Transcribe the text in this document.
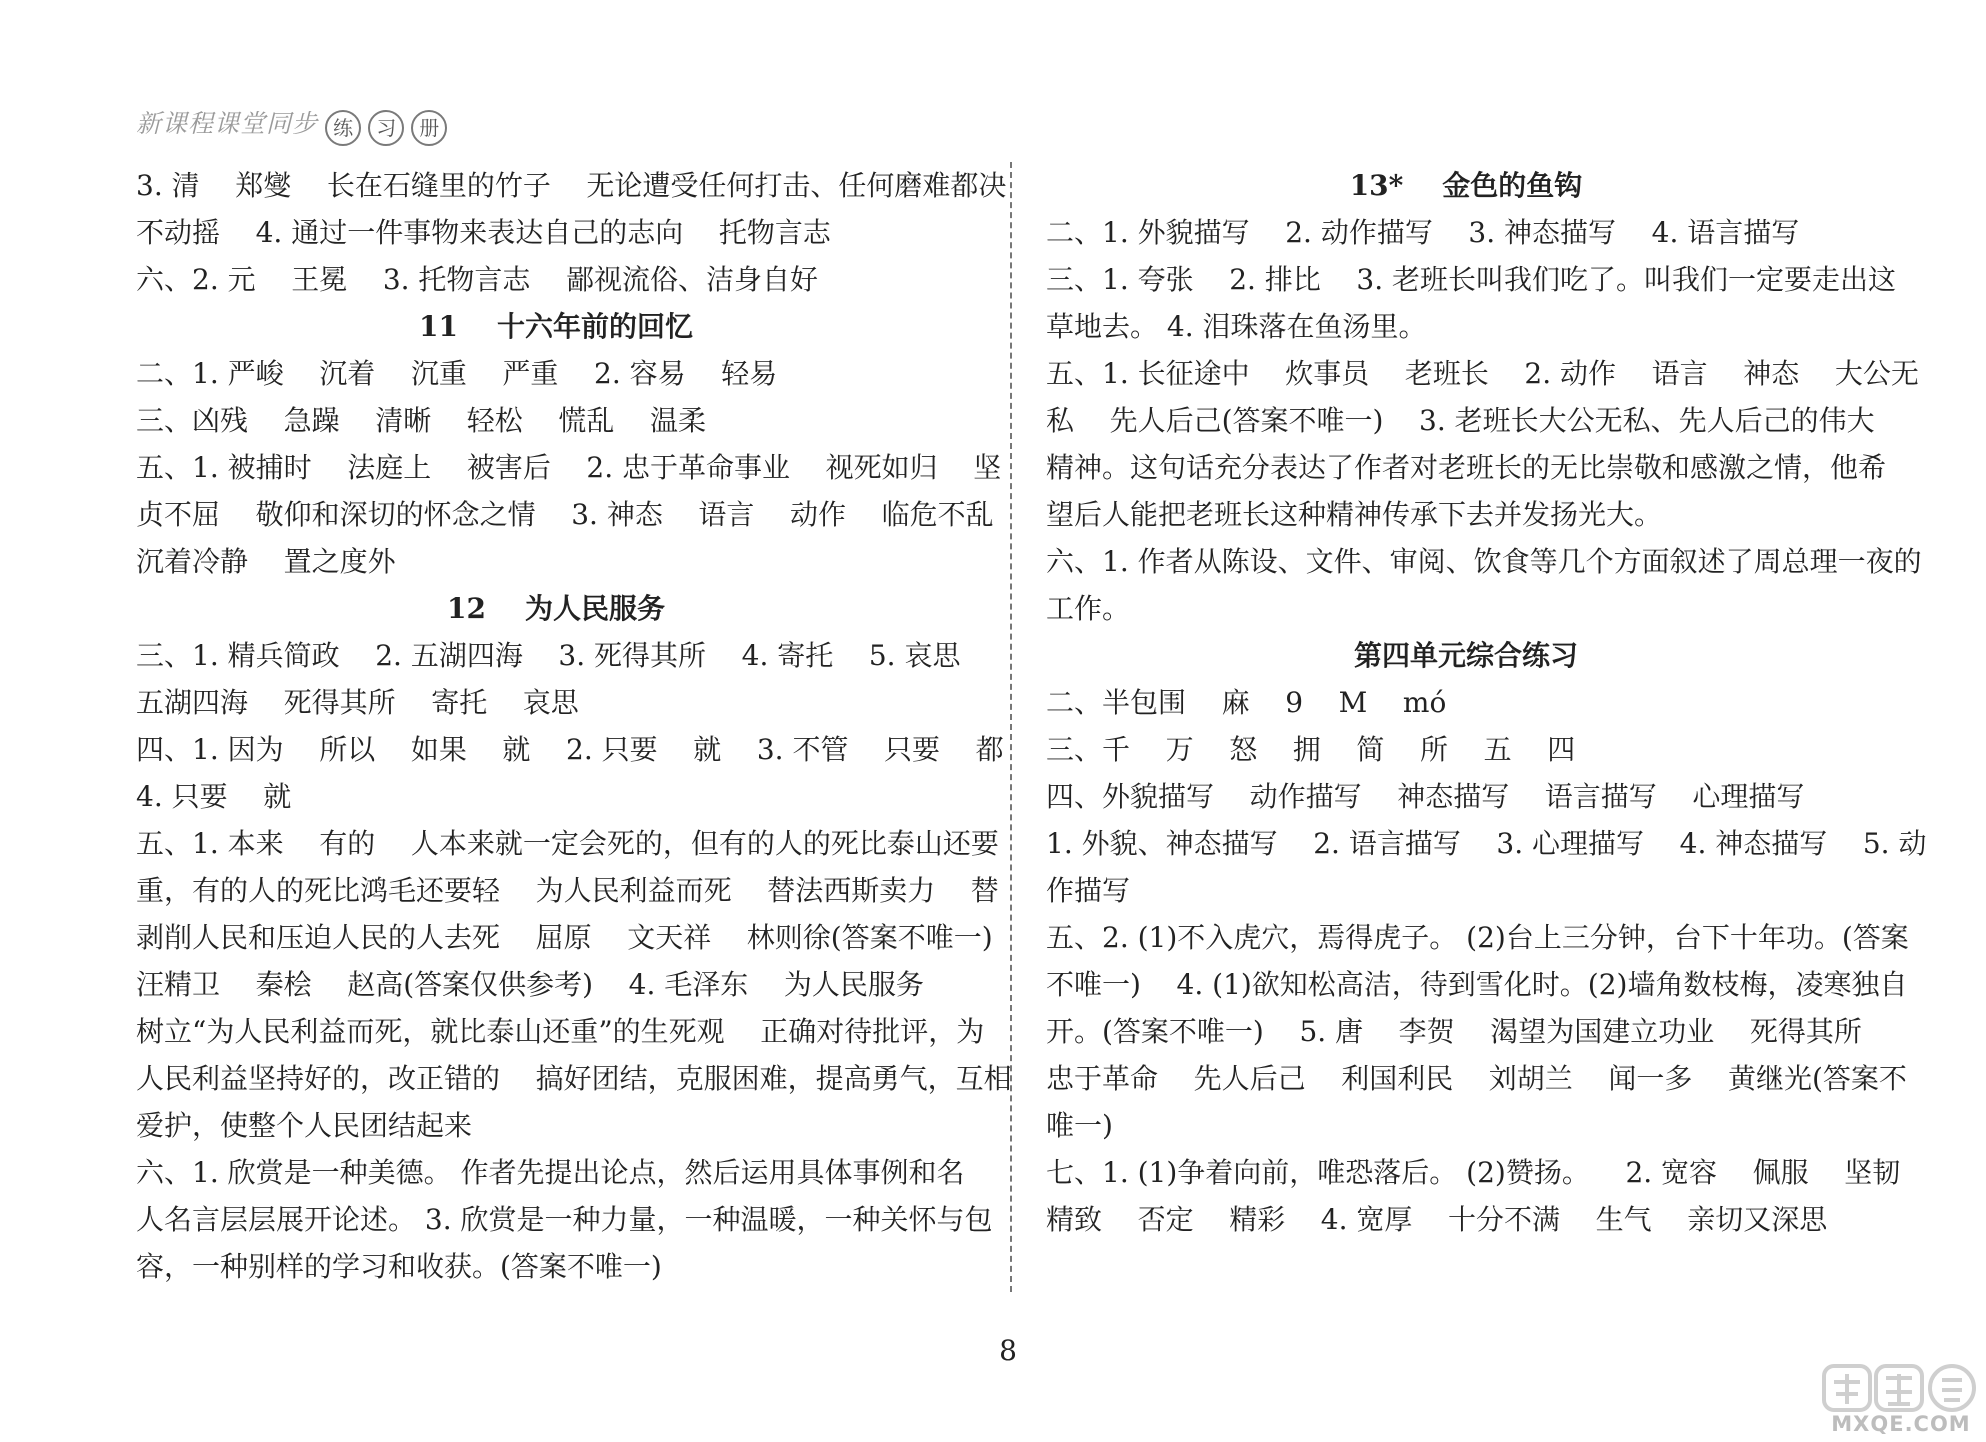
新课程课堂同步 练 习 册
3. 清    郑燮    长在石缝里的竹子    无论遭受任何打击、任何磨难都决
不动摇    4. 通过一件事物来表达自己的志向    托物言志
六、2. 元    王冕    3. 托物言志    鄙视流俗、洁身自好
11    十六年前的回忆
二、1. 严峻    沉着    沉重    严重    2. 容易    轻易
三、凶残    急躁    清晰    轻松    慌乱    温柔
五、1. 被捕时    法庭上    被害后    2. 忠于革命事业    视死如归    坚
贞不屈    敬仰和深切的怀念之情    3. 神态    语言    动作    临危不乱
沉着冷静    置之度外
12    为人民服务
三、1. 精兵简政    2. 五湖四海    3. 死得其所    4. 寄托    5. 哀思
五湖四海    死得其所    寄托    哀思
四、1. 因为    所以    如果    就    2. 只要    就    3. 不管    只要    都
4. 只要    就
五、1. 本来    有的    人本来就一定会死的，但有的人的死比泰山还要
重，有的人的死比鸿毛还要轻    为人民利益而死    替法西斯卖力    替
剥削人民和压迫人民的人去死    屈原    文天祥    林则徐(答案不唯一)
汪精卫    秦桧    赵高(答案仅供参考)    4. 毛泽东    为人民服务
树立“为人民利益而死，就比泰山还重”的生死观    正确对待批评，为
人民利益坚持好的，改正错的    搞好团结，克服困难，提高勇气，互相
爱护，使整个人民团结起来
六、1. 欣赏是一种美德。 作者先提出论点，然后运用具体事例和名
人名言层层展开论述。 3. 欣赏是一种力量，一种温暖，一种关怀与包
容，一种别样的学习和收获。(答案不唯一)
13*    金色的鱼钩
二、1. 外貌描写    2. 动作描写    3. 神态描写    4. 语言描写
三、1. 夸张    2. 排比    3. 老班长叫我们吃了。叫我们一定要走出这
草地去。 4. 泪珠落在鱼汤里。
五、1. 长征途中    炊事员    老班长    2. 动作    语言    神态    大公无
私    先人后己(答案不唯一)    3. 老班长大公无私、先人后己的伟大
精神。这句话充分表达了作者对老班长的无比崇敬和感激之情，他希
望后人能把老班长这种精神传承下去并发扬光大。
六、1. 作者从陈设、文件、审阅、饮食等几个方面叙述了周总理一夜的
工作。
第四单元综合练习
二、半包围    麻    9    M    mó
三、千    万    怒    拥    简    所    五    四
四、外貌描写    动作描写    神态描写    语言描写    心理描写
1. 外貌、神态描写    2. 语言描写    3. 心理描写    4. 神态描写    5. 动
作描写
五、2. (1)不入虎穴，焉得虎子。 (2)台上三分钟，台下十年功。(答案
不唯一)    4. (1)欲知松高洁，待到雪化时。(2)墙角数枝梅，凌寒独自
开。(答案不唯一)    5. 唐    李贺    渴望为国建立功业    死得其所
忠于革命    先人后己    利国利民    刘胡兰    闻一多    黄继光(答案不
唯一)
七、1. (1)争着向前，唯恐落后。 (2)赞扬。    2. 宽容    佩服    坚韧
精致    否定    精彩    4. 宽厚    十分不满    生气    亲切又深思
8
MXQE.COM
